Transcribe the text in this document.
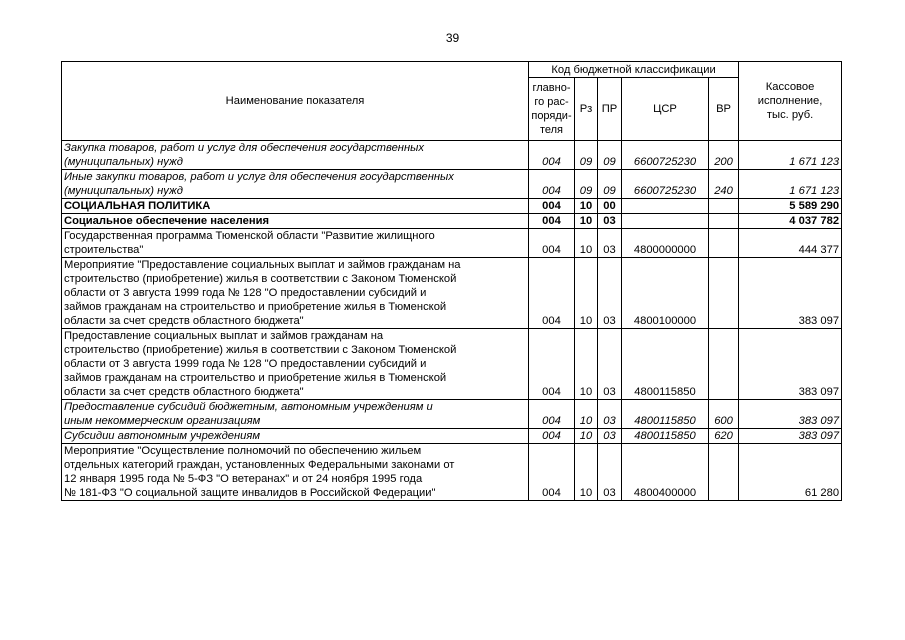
39
Наименование показателя	Код бюджетной классификации					Кассовое
исполнение,
тыс. руб.

	главно-
го рас-
поряди-
теля	Рз	ПР	ЦСР	ВР	

Закупка товаров, работ и услуг для обеспечения государственных
(муниципальных) нужд	004	09	09	6600725230	200	1 671 123

Иные закупки товаров, работ и услуг для обеспечения государственных
(муниципальных) нужд	004	09	09	6600725230	240	1 671 123

СОЦИАЛЬНАЯ ПОЛИТИКА	004	10	00			5 589 290

Социальное обеспечение населения	004	10	03			4 037 782

Государственная программа Тюменской области "Развитие жилищного
строительства"	004	10	03	4800000000		444 377

Мероприятие "Предоставление социальных выплат и займов гражданам на
строительство (приобретение) жилья в соответствии с Законом Тюменской
области от 3 августа 1999 года № 128 "О предоставлении субсидий и
займов гражданам на строительство и приобретение жилья в Тюменской
области за счет средств областного бюджета"	004	10	03	4800100000		383 097

Предоставление социальных выплат и займов гражданам на
строительство (приобретение) жилья в соответствии с Законом Тюменской
области от 3 августа 1999 года № 128 "О предоставлении субсидий и
займов гражданам на строительство и приобретение жилья в Тюменской
области за счет средств областного бюджета"	004	10	03	4800115850		383 097

Предоставление субсидий бюджетным, автономным учреждениям и
иным некоммерческим организациям	004	10	03	4800115850	600	383 097

Субсидии автономным учреждениям	004	10	03	4800115850	620	383 097

Мероприятие "Осуществление полномочий по обеспечению жильем
отдельных категорий граждан, установленных Федеральными законами от
12 января 1995 года № 5-ФЗ "О ветеранах" и от 24 ноября 1995 года
№ 181-ФЗ "О социальной защите инвалидов в Российской Федерации"	004	10	03	4800400000		61 280
